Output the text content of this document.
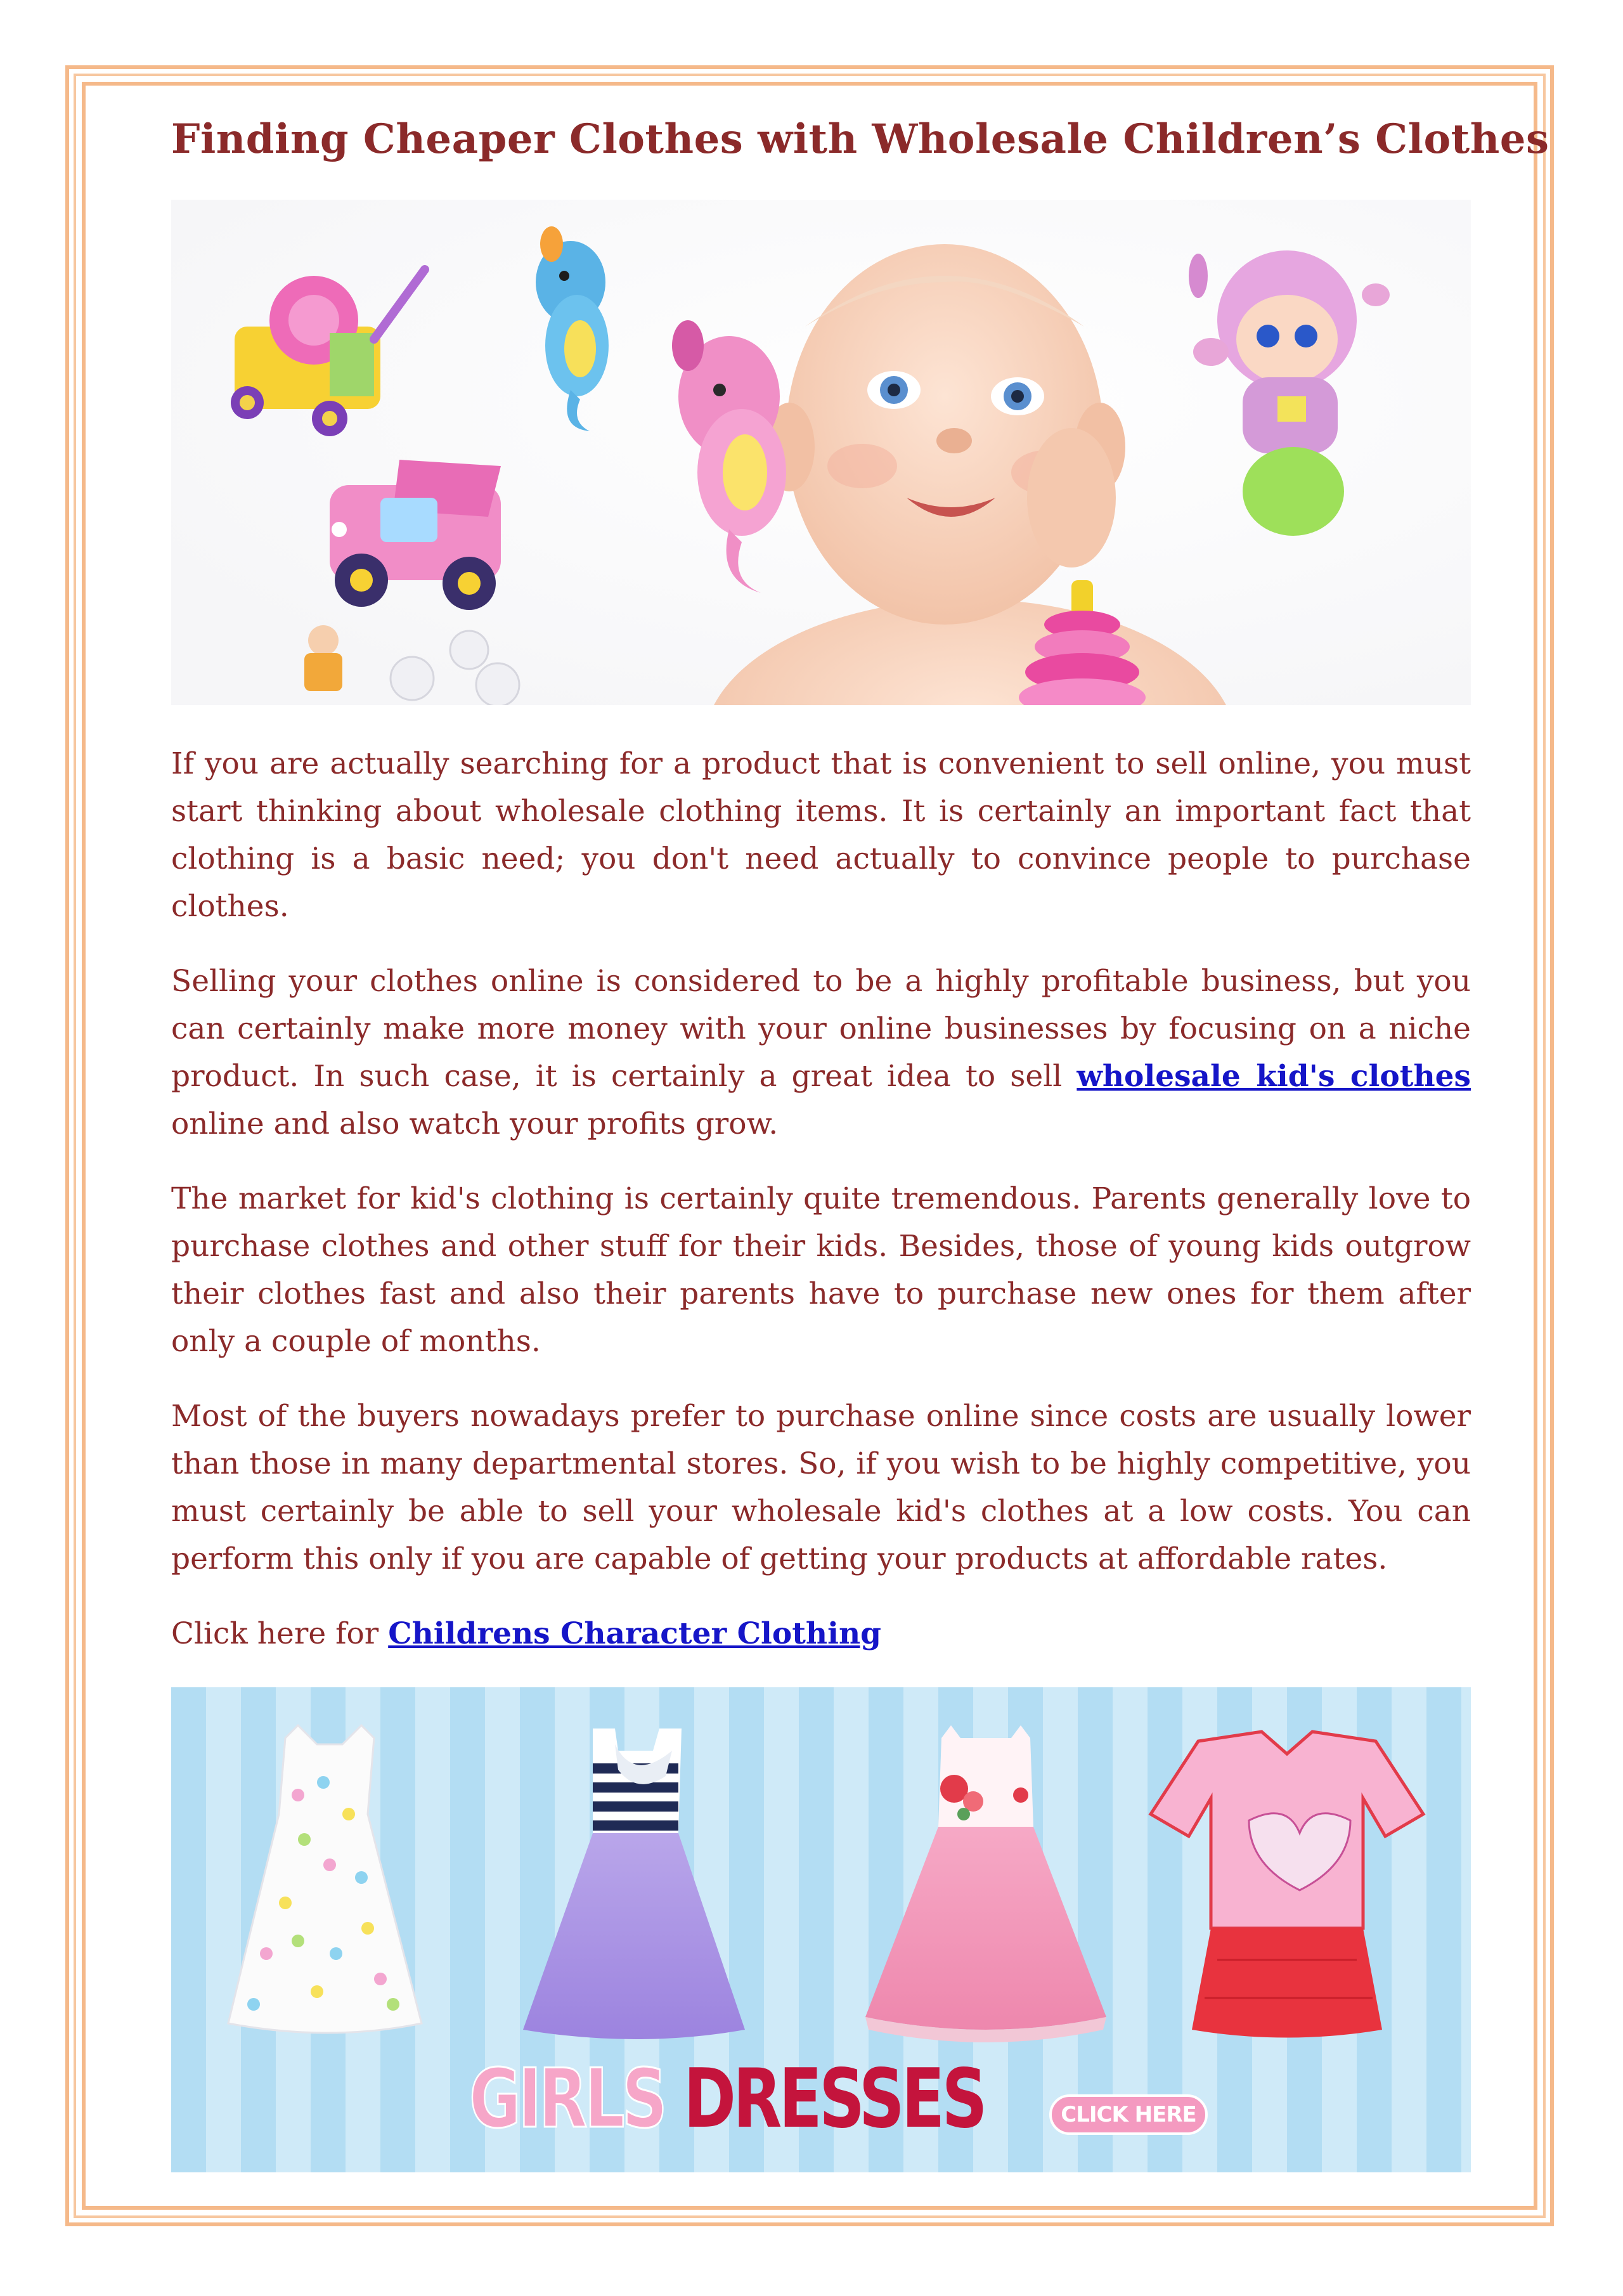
Finding Cheaper Clothes with Wholesale Children’s Clothes

If you are actually searching for a product that is convenient to sell online, you must start thinking about wholesale clothing items. It is certainly an important fact that clothing is a basic need; you don't need actually to convince people to purchase clothes.

Selling your clothes online is considered to be a highly profitable business, but you can certainly make more money with your online businesses by focusing on a niche product. In such case, it is certainly a great idea to sell wholesale kid's clothes online and also watch your profits grow.

The market for kid's clothing is certainly quite tremendous. Parents generally love to purchase clothes and other stuff for their kids. Besides, those of young kids outgrow their clothes fast and also their parents have to purchase new ones for them after only a couple of months.

Most of the buyers nowadays prefer to purchase online since costs are usually lower than those in many departmental stores. So, if you wish to be highly competitive, you must certainly be able to sell your wholesale kid's clothes at a low costs. You can perform this only if you are capable of getting your products at affordable rates.

Click here for Childrens Character Clothing

GIRLS DRESSES	CLICK HERE
